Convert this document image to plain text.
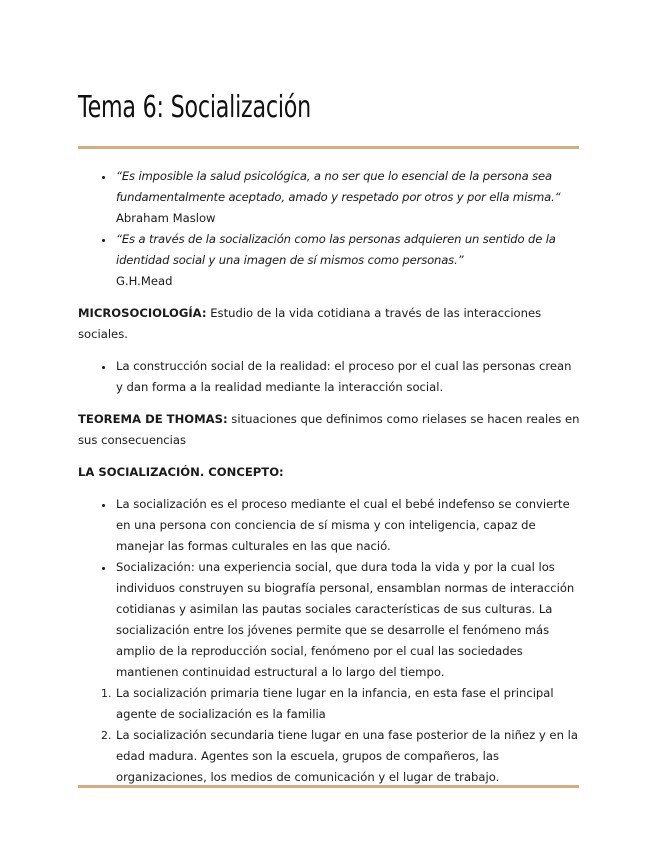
Tema 6: Socialización
• “Es imposible la salud psicológica, a no ser que lo esencial de la persona sea fundamentalmente aceptado, amado y respetado por otros y por ella misma.“
Abraham Maslow
• “Es a través de la socialización como las personas adquieren un sentido de la identidad social y una imagen de sí mismos como personas.”
G.H.Mead

MICROSOCIOLOGÍA: Estudio de la vida cotidiana a través de las interacciones sociales.

• La construcción social de la realidad: el proceso por el cual las personas crean y dan forma a la realidad mediante la interacción social.

TEOREMA DE THOMAS: situaciones que definimos como rielases se hacen reales en sus consecuencias

LA SOCIALIZACIÓN. CONCEPTO:

• La socialización es el proceso mediante el cual el bebé indefenso se convierte en una persona con conciencia de sí misma y con inteligencia, capaz de manejar las formas culturales en las que nació.
• Socialización: una experiencia social, que dura toda la vida y por la cual los individuos construyen su biografía personal, ensamblan normas de interacción cotidianas y asimilan las pautas sociales características de sus culturas. La socialización entre los jóvenes permite que se desarrolle el fenómeno más amplio de la reproducción social, fenómeno por el cual las sociedades mantienen continuidad estructural a lo largo del tiempo.
1. La socialización primaria tiene lugar en la infancia, en esta fase el principal agente de socialización es la familia
2. La socialización secundaria tiene lugar en una fase posterior de la niñez y en la edad madura. Agentes son la escuela, grupos de compañeros, las organizaciones, los medios de comunicación y el lugar de trabajo.
